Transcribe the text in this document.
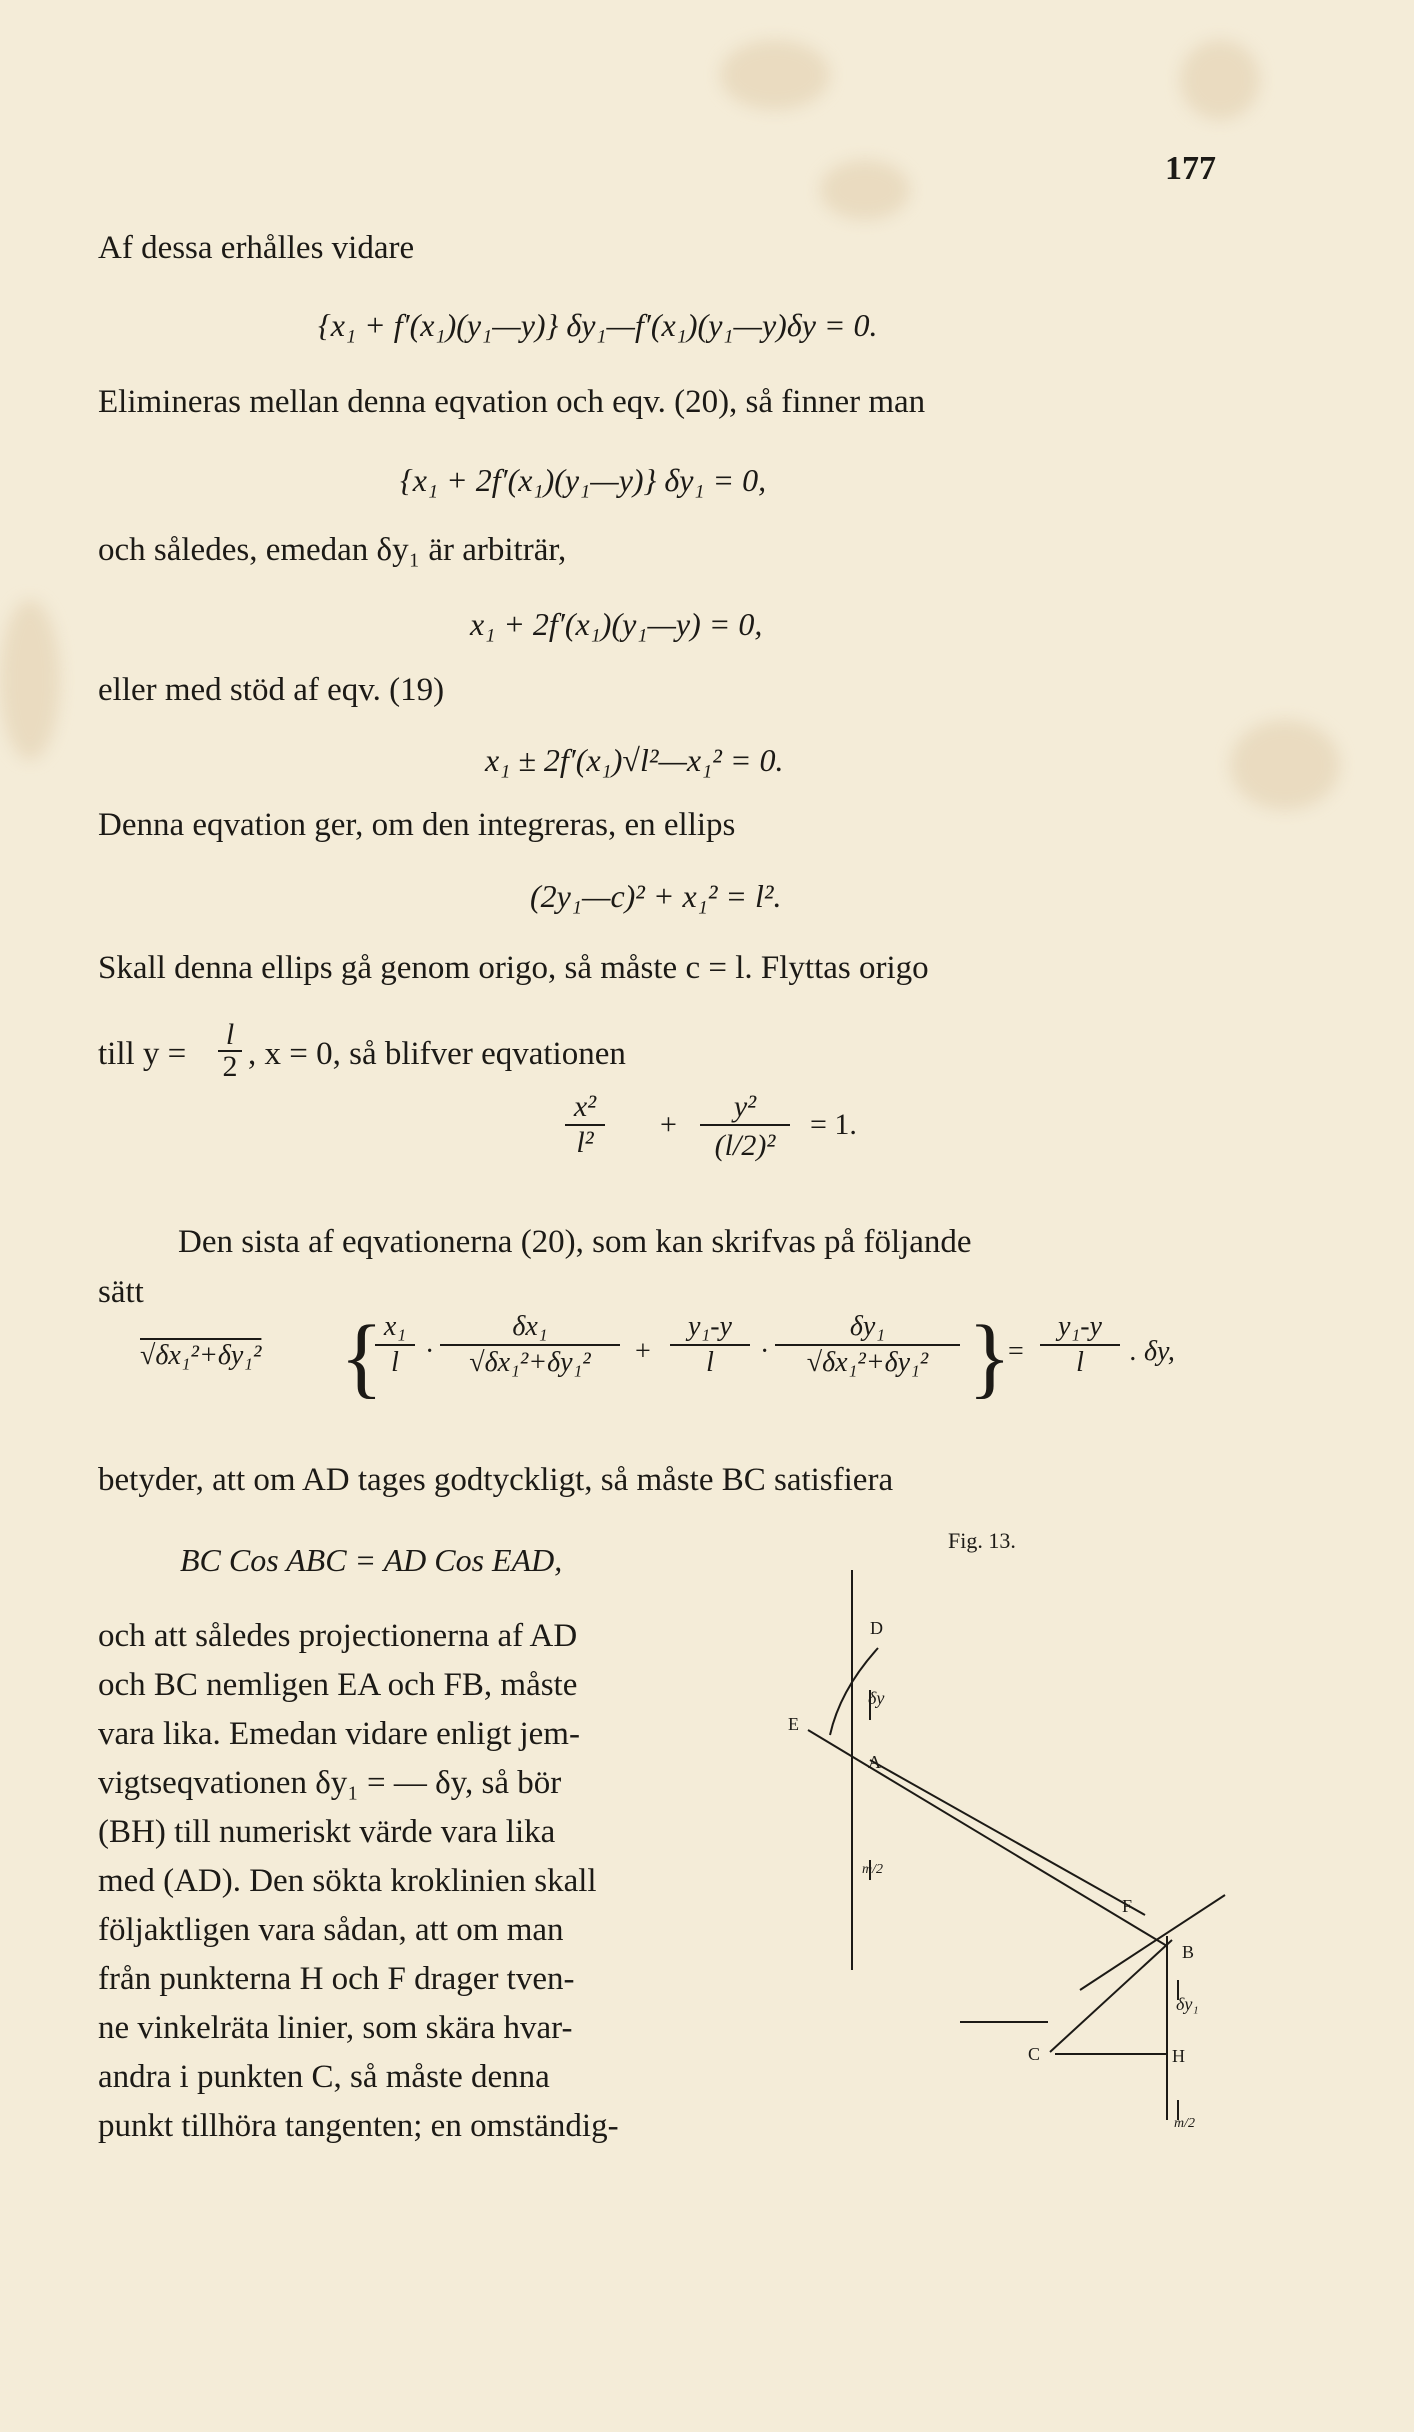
177
Af dessa erhålles vidare
{x₁ + f′(x₁)(y₁—y)} δy₁—f′(x₁)(y₁—y)δy = 0.
Elimineras mellan denna eqvation och eqv. (20), så finner man
{x₁ + 2f′(x₁)(y₁—y)} δy₁ = 0,
och således, emedan δy₁ är arbiträr,
x₁ + 2f′(x₁)(y₁—y) = 0,
eller med stöd af eqv. (19)
x₁ ± 2f′(x₁)√l²—x₁² = 0.
Denna eqvation ger, om den integreras, en ellips
(2y₁—c)² + x₁² = l².
Skall denna ellips gå genom origo, så måste c = l. Flyttas origo
till y =
l
2 , x = 0, så blifver eqvationen
x²
l²
+
y²
(l/2)²
= 1.
Den sista af eqvationerna (20), som kan skrifvas på följande
sätt
√δx₁²+δy₁² { x₁
l ·
δx₁
√δx₁²+δy₁²	+
y₁-y
l	·
δy₁
√δx₁²+δy₁² }
=
y₁-y
l	. δy,
betyder, att om AD tages godtyckligt, så måste BC satisfiera
BC Cos ABC = AD Cos EAD,
och att således projectionerna af AD
och BC nemligen EA och FB, måste
vara lika. Emedan vidare enligt jem-
vigtseqvationen δy₁ = — δy, så bör
(BH) till numeriskt värde vara lika
med (AD). Den sökta kroklinien skall
följaktligen vara sådan, att om man
från punkterna H och F drager tven-
ne vinkelräta linier, som skära hvar-
andra i punkten C, så måste denna
punkt tillhöra tangenten; en omständig-
Fig. 13.
D
E
δy
A
m/2
F
B
δy₁
C	H
m/2
